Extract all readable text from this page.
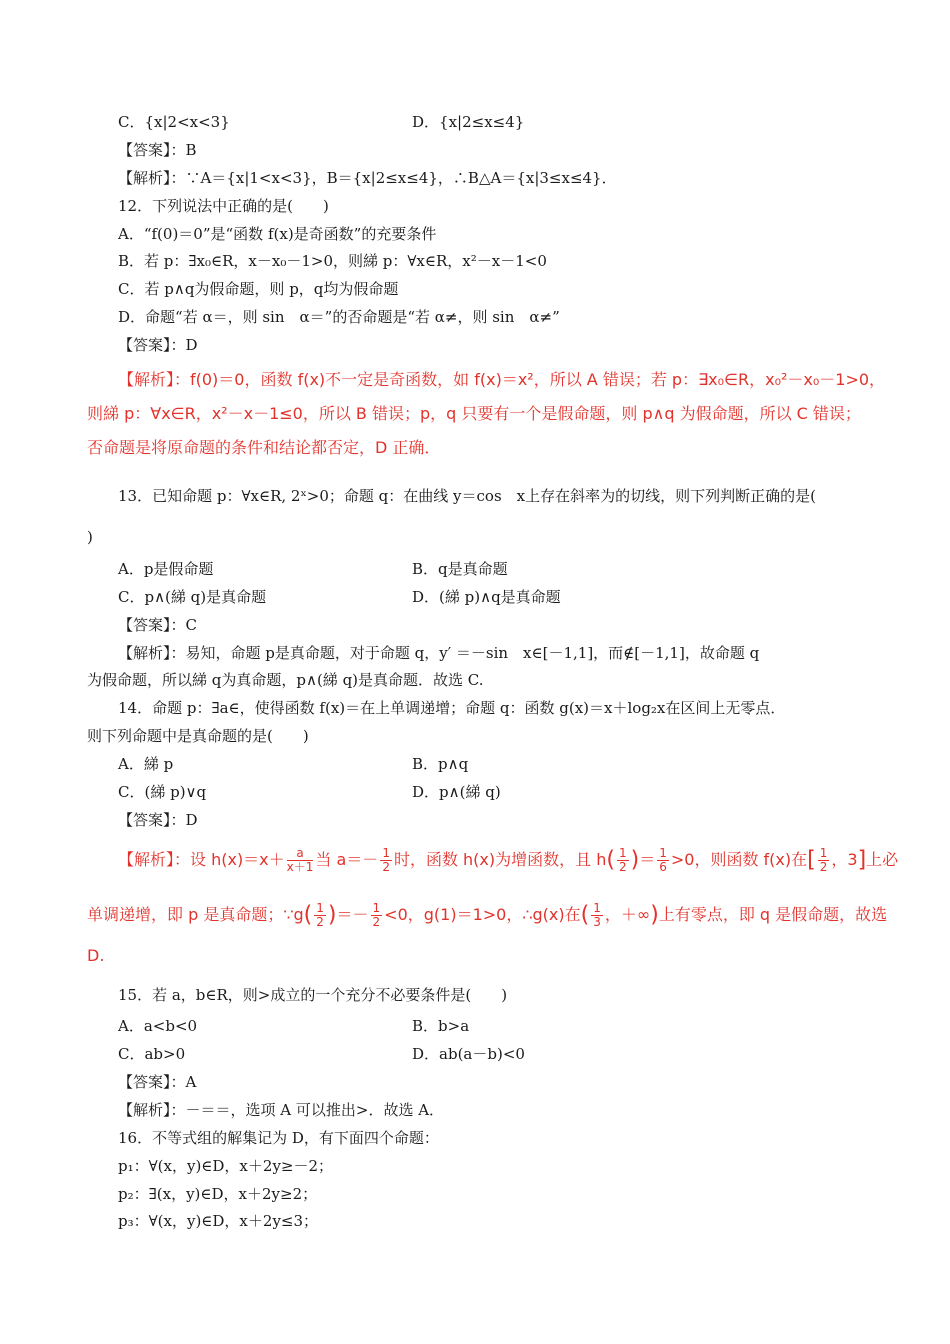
C．{x|2<x<3}	D．{x|2≤x≤4}
【答案】：B
【解析】：∵A＝{x|1<x<3}，B＝{x|2≤x≤4}，∴B△A＝{x|3≤x≤4}．
12．下列说法中正确的是(　　)
A．“f(0)＝0”是“函数 f(x)是奇函数”的充要条件
B．若 p：∃x₀∈R，x－x₀－1>0，则綈 p：∀x∈R，x²－x－1<0
C．若 p∧q为假命题，则 p，q均为假命题
D．命题“若 α＝，则 sin　α＝”的否命题是“若 α≠，则 sin　α≠”
【答案】：D
【解析】：f(0)＝0，函数 f(x)不一定是奇函数，如 f(x)＝x²，所以 A 错误；若 p：∃x₀∈R，x₀²－x₀－1>0，
则綈 p：∀x∈R，x²－x－1≤0，所以 B 错误；p，q 只要有一个是假命题，则 p∧q 为假命题，所以 C 错误；
否命题是将原命题的条件和结论都否定，D 正确．
13．已知命题 p：∀x∈R, 2ˣ>0；命题 q：在曲线 y＝cos　x上存在斜率为的切线，则下列判断正确的是(
)
A．p是假命题	B．q是真命题
C．p∧(綈 q)是真命题	D．(綈 p)∧q是真命题
【答案】：C
【解析】：易知，命题 p是真命题，对于命题 q，y′ ＝－sin　x∈[－1,1]，而∉[－1,1]，故命题 q
为假命题，所以綈 q为真命题，p∧(綈 q)是真命题．故选 C.
14．命题 p：∃a∈，使得函数 f(x)＝在上单调递增；命题 q：函数 g(x)＝x＋log₂x在区间上无零点．
则下列命题中是真命题的是(　　)
A．綈 p	B．p∧q
C．(綈 p)∨q	D．p∧(綈 q)
【答案】：D
【解析】：设 $h(x)=x+ \frac{a}{x+1}$ 当 $a=- \frac{1}{2}$ 时，函数 h(x)为增函数，且 $h( \frac{1}{2}$ )＝ $\frac{1}{6} >0$，则函数 f(x)在[ $\frac{1}{2}$ ，3]上必
单调递增，即 p 是真命题；∵g( $\frac{1}{2}$ )＝－ $\frac{1}{2} <0$，g(1)＝1>0，∴g(x)在( $\frac{1}{3}$ ，＋∞)上有零点，即 q 是假命题，故选
D.
15．若 a，b∈R，则>成立的一个充分不必要条件是(　　)
A．a<b<0	B．b>a
C．ab>0	D．ab(a－b)<0
【答案】：A
【解析】：－＝＝，选项 A 可以推出>．故选 A．
16．不等式组的解集记为 D，有下面四个命题：
p₁：∀(x，y)∈D，x＋2y≥－2；
p₂：∃(x，y)∈D，x＋2y≥2；
p₃：∀(x，y)∈D，x＋2y≤3；
